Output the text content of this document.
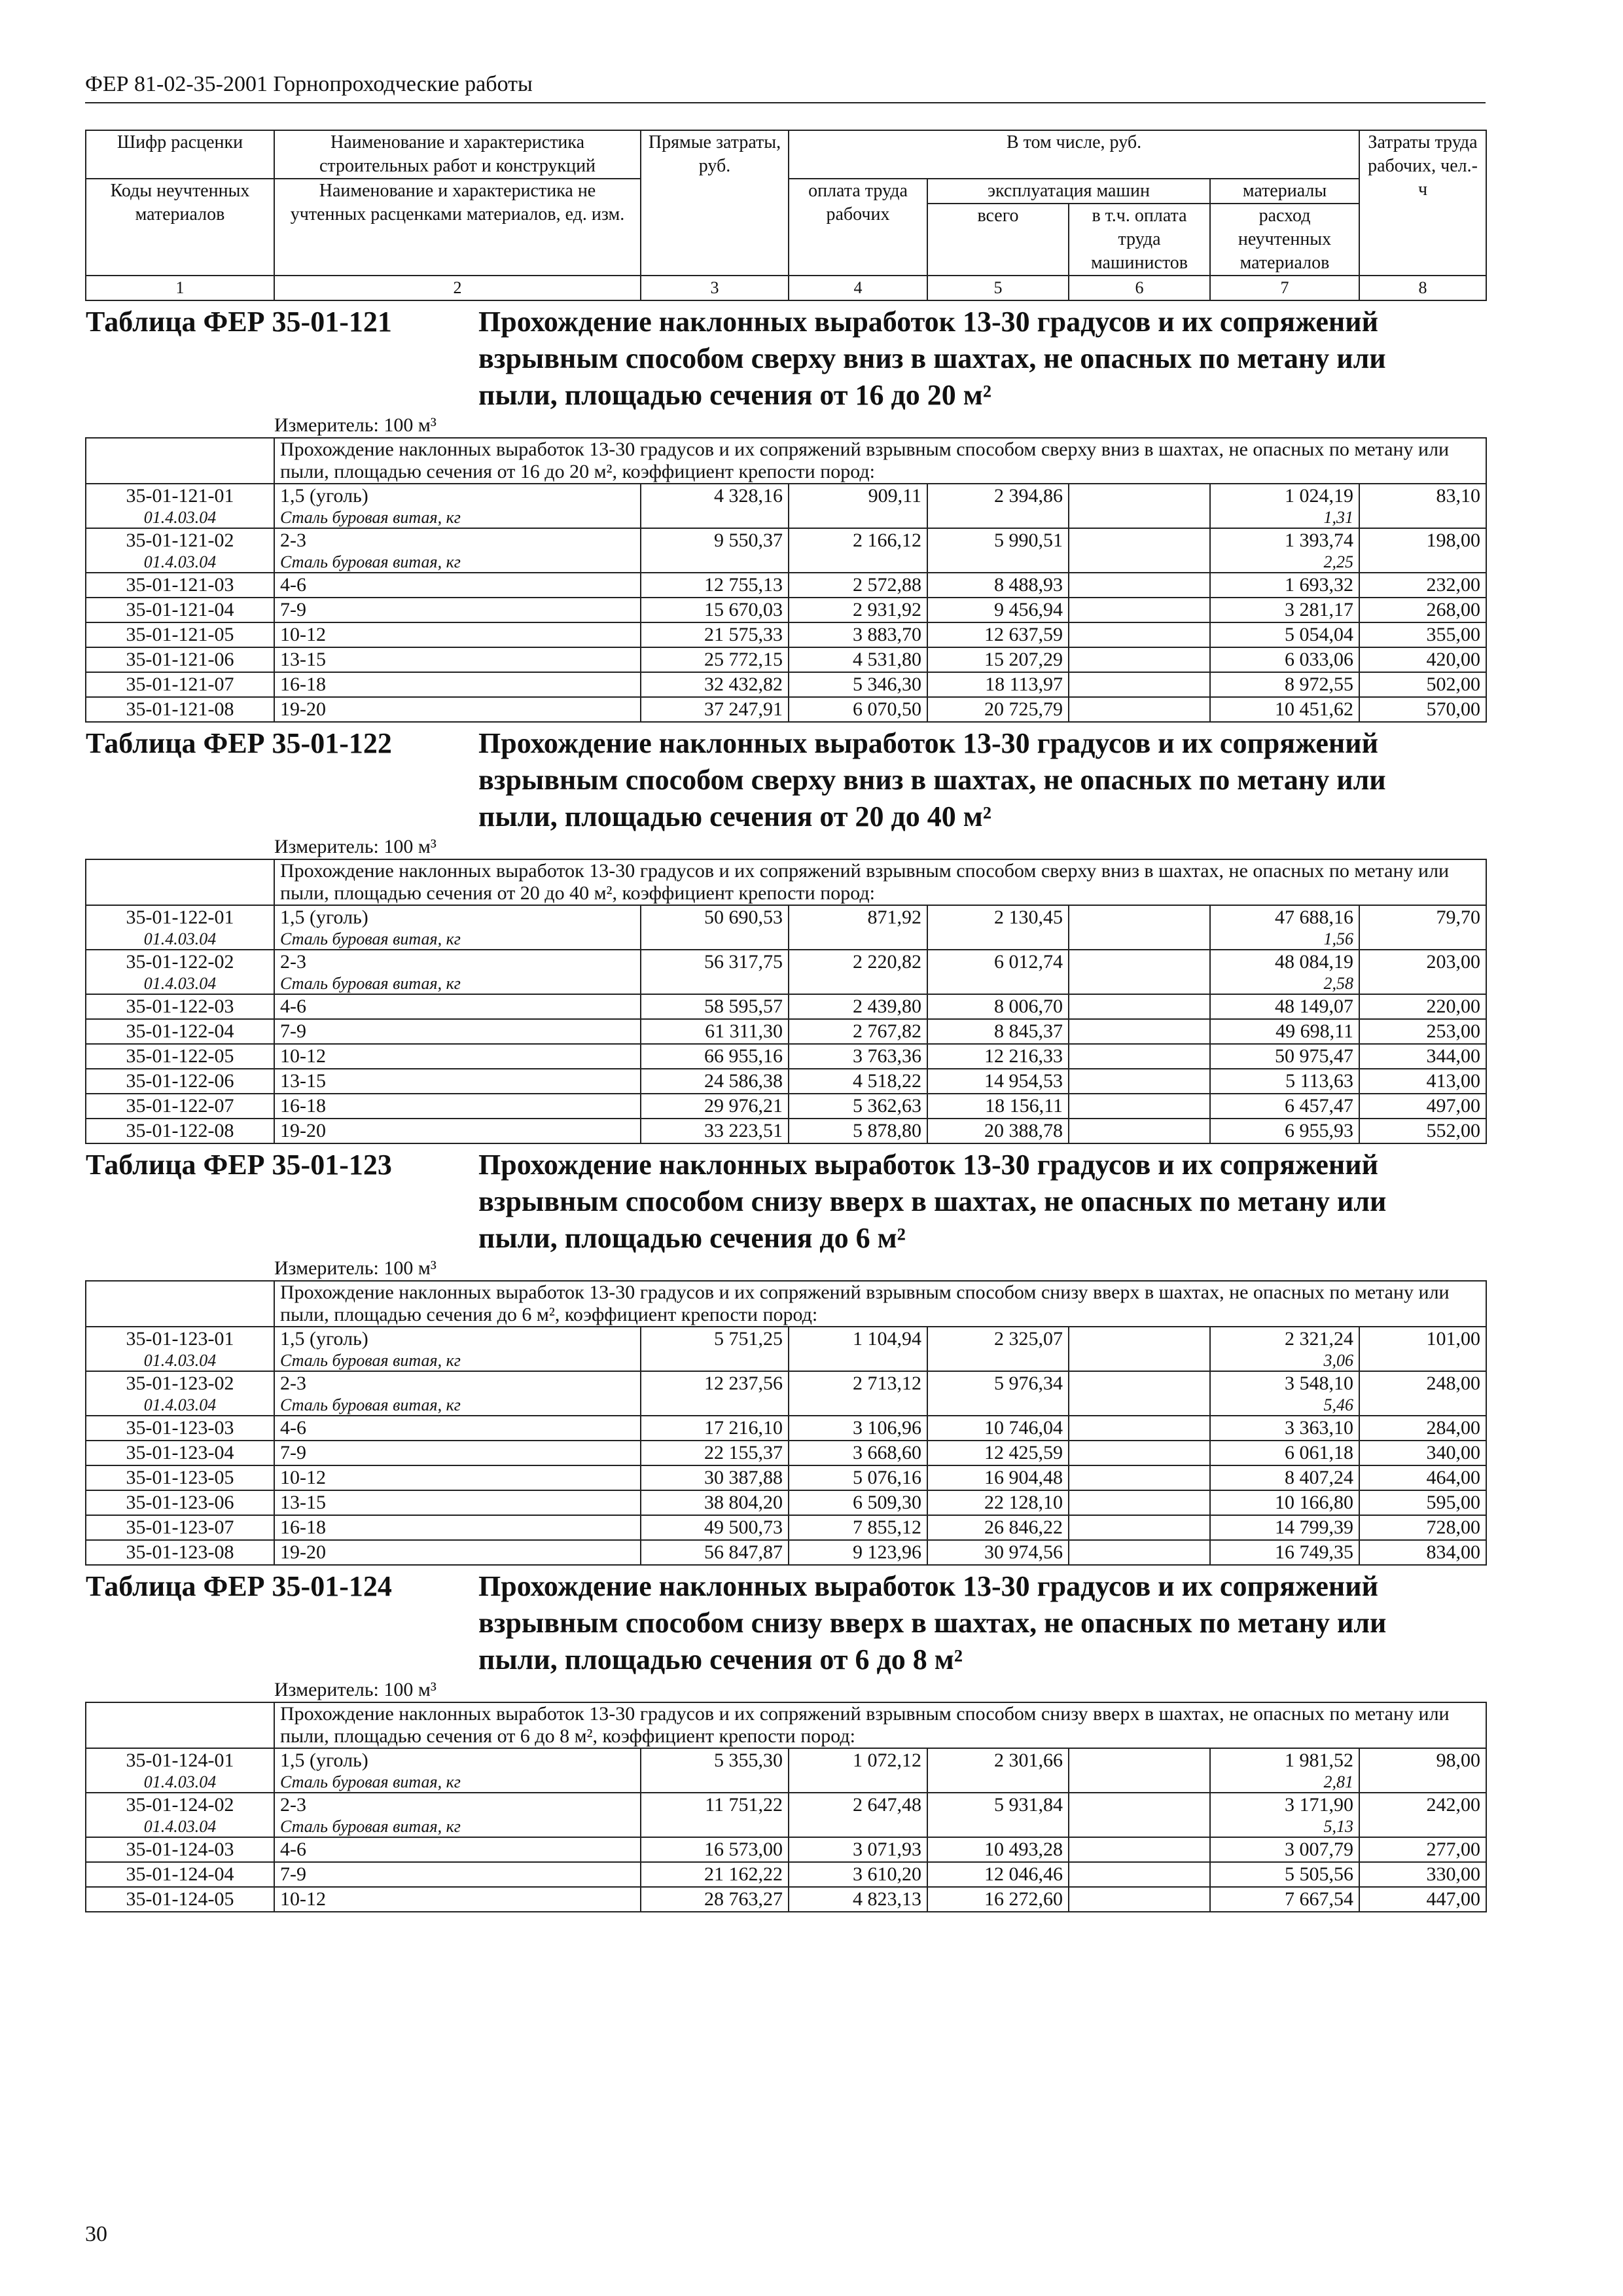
ФЕР 81-02-35-2001 Горнопроходческие работы
Шифр расценки	Наименование и характеристика строительных работ и конструкций	Прямые затраты, руб.	В том числе, руб.				Затраты труда рабочих, чел.-ч
Коды неучтенных материалов	Наименование и характеристика не учтенных расценками материалов, ед. изм.		оплата труда рабочих	эксплуатация машин		материалы	
				всего	в т.ч. оплата труда машинистов	расход неучтенных материалов	

1	2	3	4	5	6	7	8
Таблица ФЕР 35-01-121 Прохождение наклонных выработок 13-30 градусов и их сопряжений взрывным способом сверху вниз в шахтах, не опасных по метану или пыли, площадью сечения от 16 до 20 м²
Измеритель: 100 м³							

	Прохождение наклонных выработок 13-30 градусов и их сопряжений взрывным способом сверху вниз в шахтах, не опасных по метану или пыли, площадью сечения от 16 до 20 м², коэффициент крепости пород:						
35-01-121-01	1,5 (уголь)	4 328,16	909,11	2 394,86		1 024,19	83,10
01.4.03.04	Сталь буровая витая, кг					1,31	
35-01-121-02	2-3	9 550,37	2 166,12	5 990,51		1 393,74	198,00
01.4.03.04	Сталь буровая витая, кг					2,25	
35-01-121-03	4-6	12 755,13	2 572,88	8 488,93		1 693,32	232,00
35-01-121-04	7-9	15 670,03	2 931,92	9 456,94		3 281,17	268,00
35-01-121-05	10-12	21 575,33	3 883,70	12 637,59		5 054,04	355,00
35-01-121-06	13-15	25 772,15	4 531,80	15 207,29		6 033,06	420,00
35-01-121-07	16-18	32 432,82	5 346,30	18 113,97		8 972,55	502,00
35-01-121-08	19-20	37 247,91	6 070,50	20 725,79		10 451,62	570,00
Таблица ФЕР 35-01-122 Прохождение наклонных выработок 13-30 градусов и их сопряжений взрывным способом сверху вниз в шахтах, не опасных по метану или пыли, площадью сечения от 20 до 40 м²
Измеритель: 100 м³							

	Прохождение наклонных выработок 13-30 градусов и их сопряжений взрывным способом сверху вниз в шахтах, не опасных по метану или пыли, площадью сечения от 20 до 40 м², коэффициент крепости пород:						
35-01-122-01	1,5 (уголь)	50 690,53	871,92	2 130,45		47 688,16	79,70
01.4.03.04	Сталь буровая витая, кг					1,56	
35-01-122-02	2-3	56 317,75	2 220,82	6 012,74		48 084,19	203,00
01.4.03.04	Сталь буровая витая, кг					2,58	
35-01-122-03	4-6	58 595,57	2 439,80	8 006,70		48 149,07	220,00
35-01-122-04	7-9	61 311,30	2 767,82	8 845,37		49 698,11	253,00
35-01-122-05	10-12	66 955,16	3 763,36	12 216,33		50 975,47	344,00
35-01-122-06	13-15	24 586,38	4 518,22	14 954,53		5 113,63	413,00
35-01-122-07	16-18	29 976,21	5 362,63	18 156,11		6 457,47	497,00
35-01-122-08	19-20	33 223,51	5 878,80	20 388,78		6 955,93	552,00
Таблица ФЕР 35-01-123 Прохождение наклонных выработок 13-30 градусов и их сопряжений взрывным способом снизу вверх в шахтах, не опасных по метану или пыли, площадью сечения до 6 м²
Измеритель: 100 м³							

	Прохождение наклонных выработок 13-30 градусов и их сопряжений взрывным способом снизу вверх в шахтах, не опасных по метану или пыли, площадью сечения до 6 м², коэффициент крепости пород:						
35-01-123-01	1,5 (уголь)	5 751,25	1 104,94	2 325,07		2 321,24	101,00
01.4.03.04	Сталь буровая витая, кг					3,06	
35-01-123-02	2-3	12 237,56	2 713,12	5 976,34		3 548,10	248,00
01.4.03.04	Сталь буровая витая, кг					5,46	
35-01-123-03	4-6	17 216,10	3 106,96	10 746,04		3 363,10	284,00
35-01-123-04	7-9	22 155,37	3 668,60	12 425,59		6 061,18	340,00
35-01-123-05	10-12	30 387,88	5 076,16	16 904,48		8 407,24	464,00
35-01-123-06	13-15	38 804,20	6 509,30	22 128,10		10 166,80	595,00
35-01-123-07	16-18	49 500,73	7 855,12	26 846,22		14 799,39	728,00
35-01-123-08	19-20	56 847,87	9 123,96	30 974,56		16 749,35	834,00
Таблица ФЕР 35-01-124 Прохождение наклонных выработок 13-30 градусов и их сопряжений взрывным способом снизу вверх в шахтах, не опасных по метану или пыли, площадью сечения от 6 до 8 м²
Измеритель: 100 м³							

	Прохождение наклонных выработок 13-30 градусов и их сопряжений взрывным способом снизу вверх в шахтах, не опасных по метану или пыли, площадью сечения от 6 до 8 м², коэффициент крепости пород:						
35-01-124-01	1,5 (уголь)	5 355,30	1 072,12	2 301,66		1 981,52	98,00
01.4.03.04	Сталь буровая витая, кг					2,81	
35-01-124-02	2-3	11 751,22	2 647,48	5 931,84		3 171,90	242,00
01.4.03.04	Сталь буровая витая, кг					5,13	
35-01-124-03	4-6	16 573,00	3 071,93	10 493,28		3 007,79	277,00
35-01-124-04	7-9	21 162,22	3 610,20	12 046,46		5 505,56	330,00
35-01-124-05	10-12	28 763,27	4 823,13	16 272,60		7 667,54	447,00
30
